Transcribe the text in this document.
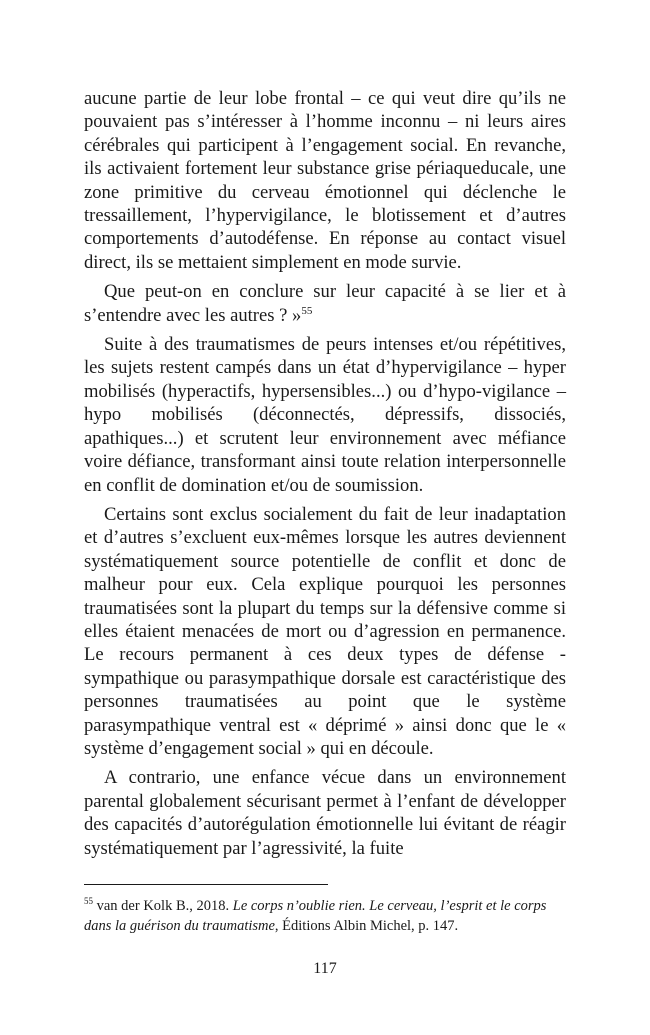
aucune partie de leur lobe frontal – ce qui veut dire qu’ils ne pouvaient pas s’intéresser à l’homme inconnu – ni leurs aires cérébrales qui participent à l’engagement social. En revanche, ils activaient fortement leur substance grise périaqueducale, une zone primitive du cerveau émotionnel qui déclenche le tressaillement, l’hypervigilance, le blotissement et d’autres comportements d’autodéfense. En réponse au contact visuel direct, ils se mettaient simplement en mode survie.

Que peut-on en conclure sur leur capacité à se lier et à s’entendre avec les autres ? »$^{55}$

Suite à des traumatismes de peurs intenses et/ou répétitives, les sujets restent campés dans un état d’hypervigilance – hyper mobilisés (hyperactifs, hypersensibles...) ou d’hypo-vigilance – hypo mobilisés (déconnectés, dépressifs, dissociés, apathiques...) et scrutent leur environnement avec méfiance voire défiance, transformant ainsi toute relation interpersonnelle en conflit de domination et/ou de soumission.

Certains sont exclus socialement du fait de leur inadaptation et d’autres s’excluent eux-mêmes lorsque les autres deviennent systématiquement source potentielle de conflit et donc de malheur pour eux. Cela explique pourquoi les personnes traumatisées sont la plupart du temps sur la défensive comme si elles étaient menacées de mort ou d’agression en permanence. Le recours permanent à ces deux types de défense - sympathique ou parasympathique dorsale est caractéristique des personnes traumatisées au point que le système parasympathique ventral est « déprimé » ainsi donc que le « système d’engagement social » qui en découle.

A contrario, une enfance vécue dans un environnement parental globalement sécurisant permet à l’enfant de développer des capacités d’autorégulation émotionnelle lui évitant de réagir systématiquement par l’agressivité, la fuite

$^{55}$ van der Kolk B., 2018. Le corps n’oublie rien. Le cerveau, l’esprit et le corps dans la guérison du traumatisme, Éditions Albin Michel, p. 147.

117
